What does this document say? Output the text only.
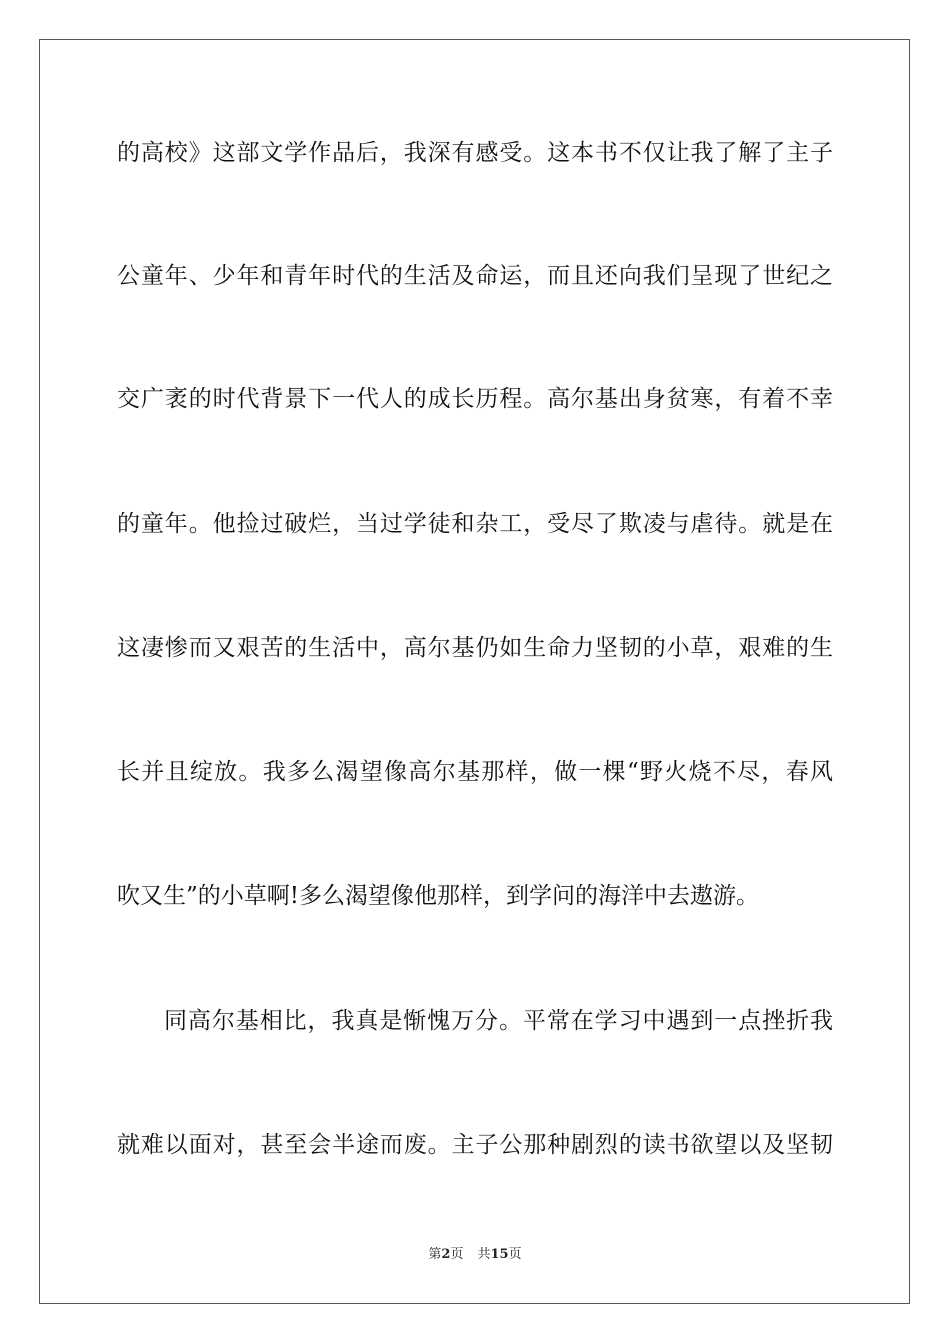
的高校》这部文学作品后，我深有感受。这本书不仅让我了解了主子
公童年、少年和青年时代的生活及命运，而且还向我们呈现了世纪之
交广袤的时代背景下一代人的成长历程。高尔基出身贫寒，有着不幸
的童年。他捡过破烂，当过学徒和杂工，受尽了欺凌与虐待。就是在
这凄惨而又艰苦的生活中，高尔基仍如生命力坚韧的小草，艰难的生
长并且绽放。我多么渴望像高尔基那样，做一棵“野火烧不尽，春风
吹又生”的小草啊!多么渴望像他那样，到学问的海洋中去遨游。
同高尔基相比，我真是惭愧万分。平常在学习中遇到一点挫折我
就难以面对，甚至会半途而废。主子公那种剧烈的读书欲望以及坚韧
第2页 共15页
